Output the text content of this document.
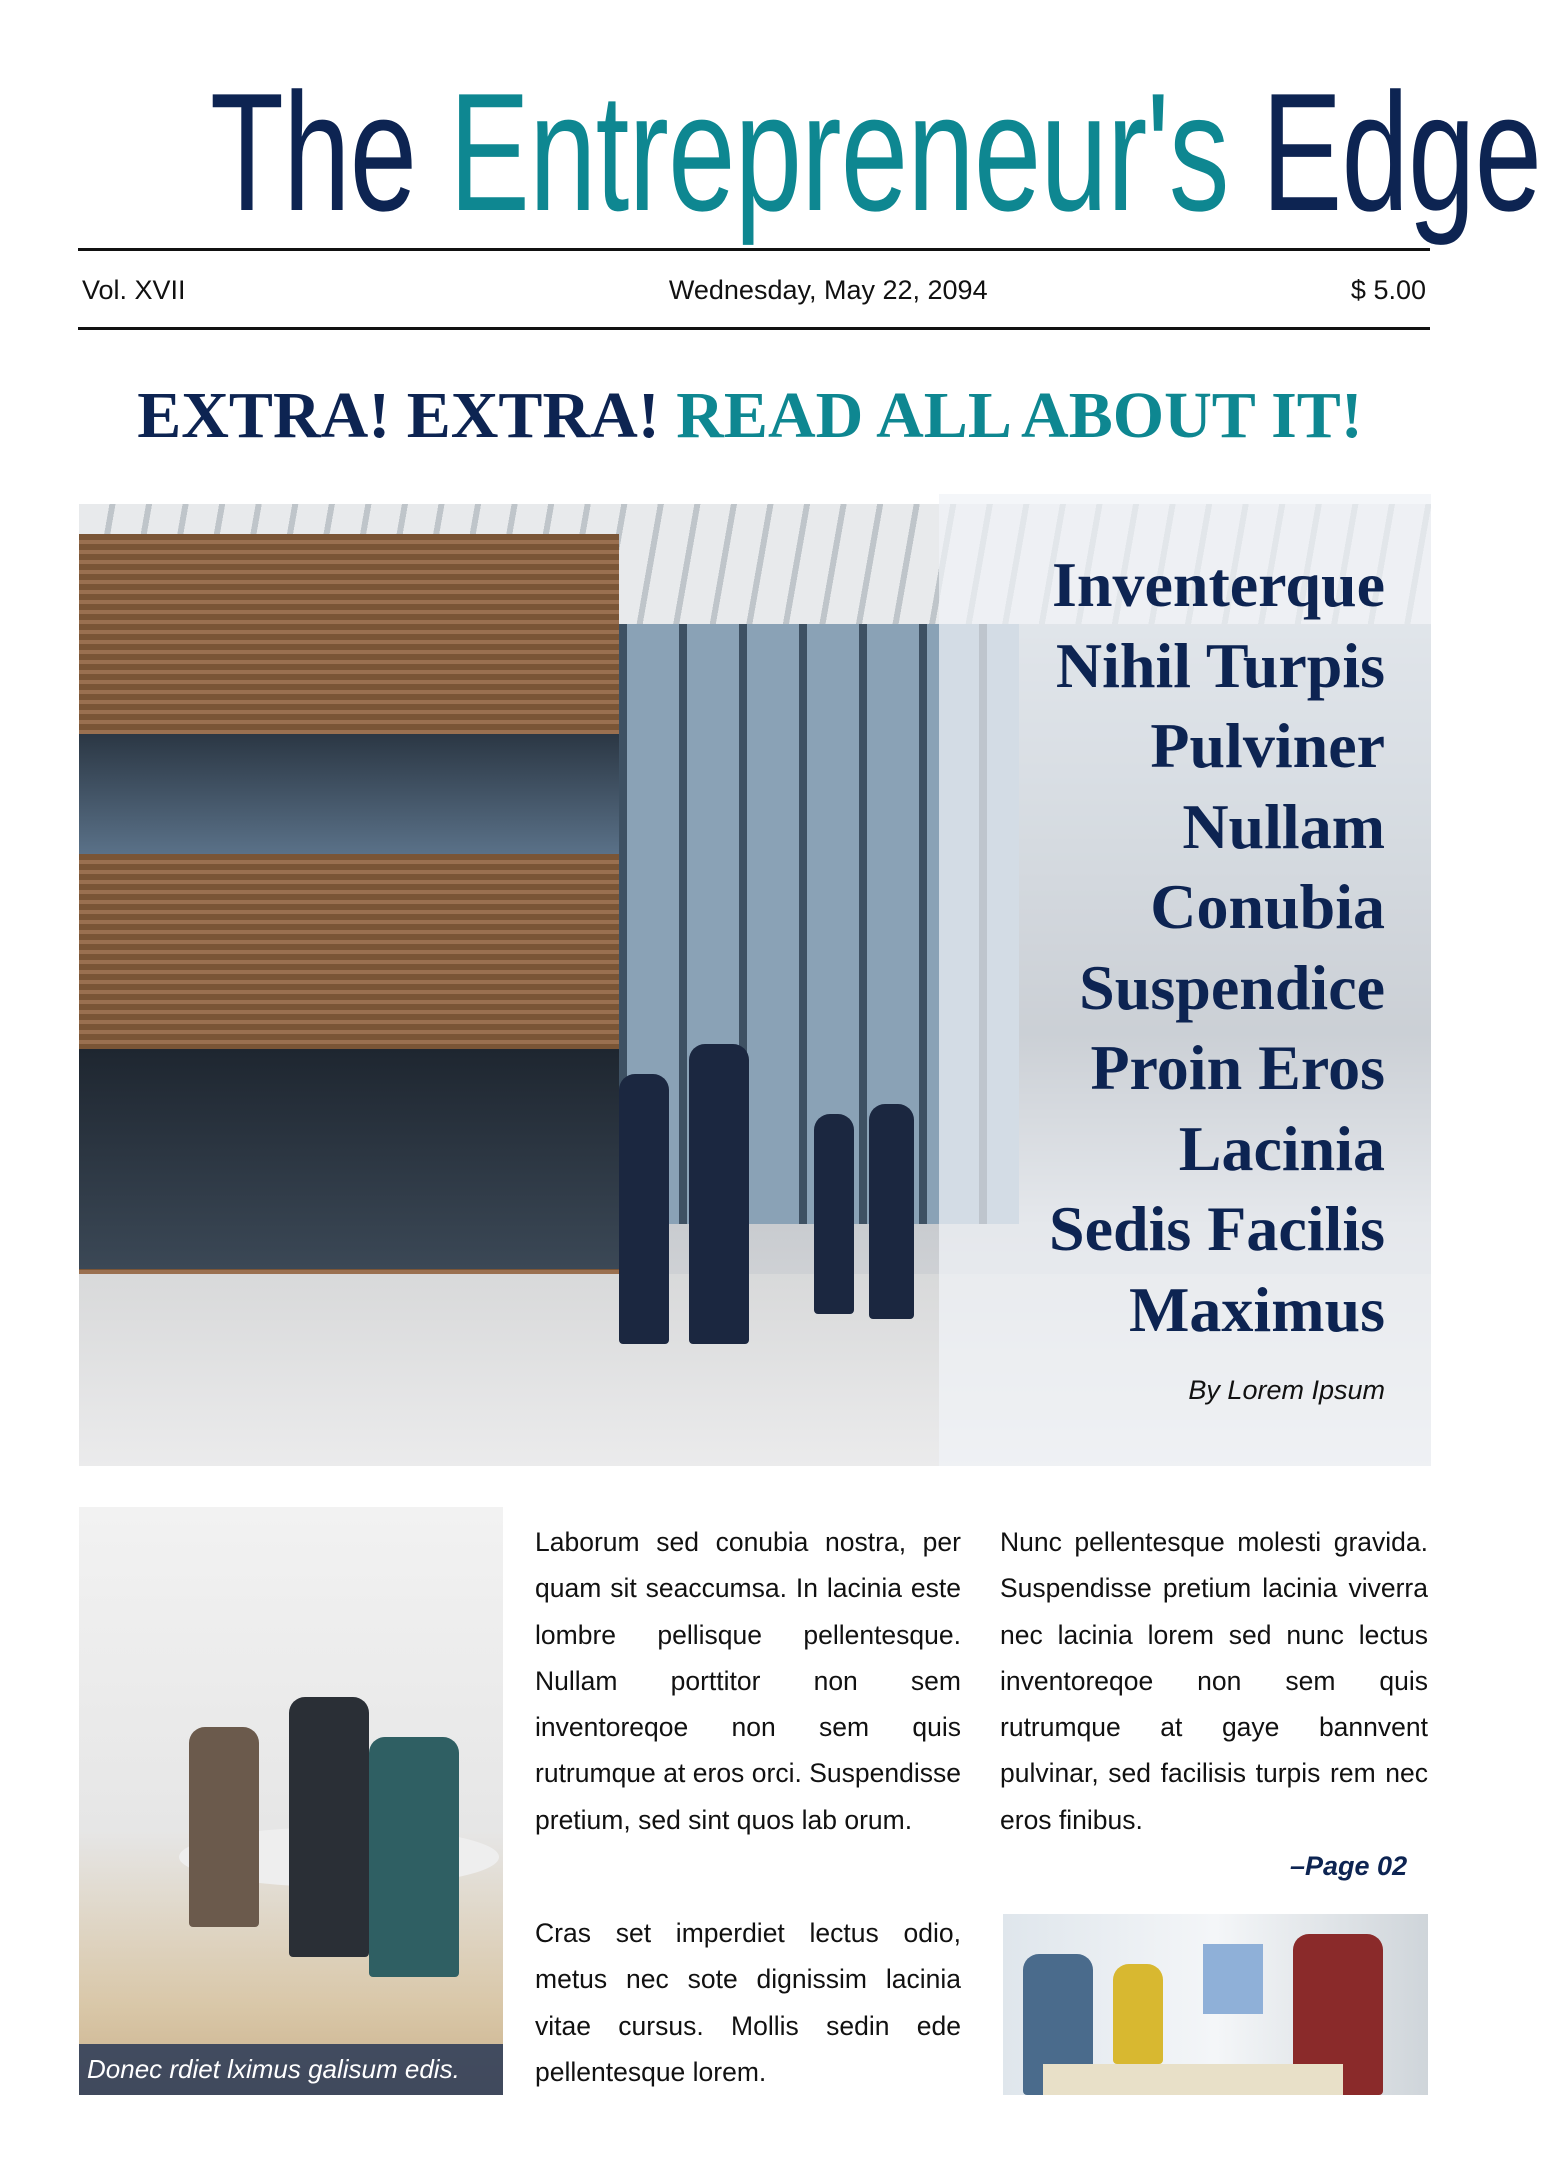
The Entrepreneur's Edge
Vol. XVII	Wednesday, May 22, 2094	$ 5.00
EXTRA! EXTRA! READ ALL ABOUT IT!
Inventerque
Nihil Turpis
Pulviner
Nullam
Conubia
Suspendice
Proin Eros
Lacinia
Sedis Facilis
Maximus
By Lorem Ipsum
Donec rdiet lximus galisum edis.
Laborum sed conubia nostra, per quam sit seaccumsa. In lacinia este lombre pellisque pellentesque. Nullam porttitor non sem inventoreqoe non sem quis rutrumque at eros orci. Suspendisse pretium, sed sint quos lab orum.
Cras set imperdiet lectus odio, metus nec sote dignissim lacinia vitae cursus. Mollis sedin ede pellentesque lorem.
Nunc pellentesque molesti gravida. Suspendisse pretium lacinia viverra nec lacinia lorem sed nunc lectus inventoreqoe non sem quis rutrumque at gaye bannvent pulvinar, sed facilisis turpis rem nec eros finibus.
–Page 02
